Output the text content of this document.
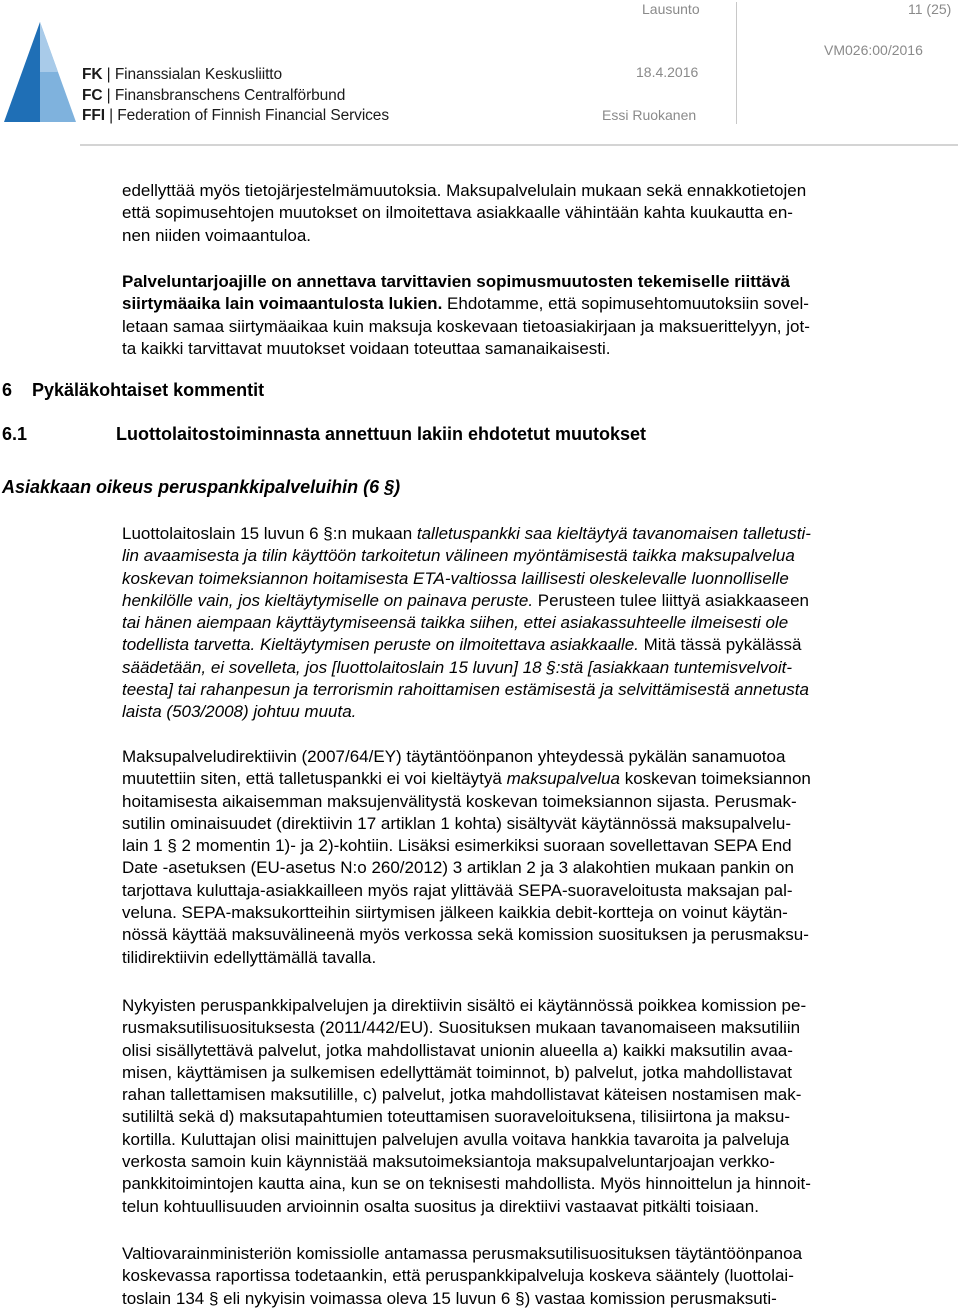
FK | Finanssialan Keskusliitto
FC | Finansbranschens Centralförbund
FFI | Federation of Finnish Financial Services
Lausunto	11 (25)
VM026:00/2016
18.4.2016
Essi Ruokanen
edellyttää myös tietojärjestelmämuutoksia. Maksupalvelulain mukaan sekä ennakkotietojen
että sopimusehtojen muutokset on ilmoitettava asiakkaalle vähintään kahta kuukautta en-
nen niiden voimaantuloa.
Palveluntarjoajille on annettava tarvittavien sopimusmuutosten tekemiselle riittävä
siirtymäaika lain voimaantulosta lukien. Ehdotamme, että sopimusehtomuutoksiin sovel-
letaan samaa siirtymäaikaa kuin maksuja koskevaan tietoasiakirjaan ja maksuerittelyyn, jot-
ta kaikki tarvittavat muutokset voidaan toteuttaa samanaikaisesti.
6 Pykäläkohtaiset kommentit
6.1	Luottolaitostoiminnasta annettuun lakiin ehdotetut muutokset
Asiakkaan oikeus peruspankkipalveluihin (6 §)
Luottolaitoslain 15 luvun 6 §:n mukaan talletuspankki saa kieltäytyä tavanomaisen talletusti-
lin avaamisesta ja tilin käyttöön tarkoitetun välineen myöntämisestä taikka maksupalvelua
koskevan toimeksiannon hoitamisesta ETA-valtiossa laillisesti oleskelevalle luonnolliselle
henkilölle vain, jos kieltäytymiselle on painava peruste. Perusteen tulee liittyä asiakkaaseen
tai hänen aiempaan käyttäytymiseensä taikka siihen, ettei asiakassuhteelle ilmeisesti ole
todellista tarvetta. Kieltäytymisen peruste on ilmoitettava asiakkaalle. Mitä tässä pykälässä
säädetään, ei sovelleta, jos [luottolaitoslain 15 luvun] 18 §:stä [asiakkaan tuntemisvelvoit-
teesta] tai rahanpesun ja terrorismin rahoittamisen estämisestä ja selvittämisestä annetusta
laista (503/2008) johtuu muuta.
Maksupalveludirektiivin (2007/64/EY) täytäntöönpanon yhteydessä pykälän sanamuotoa
muutettiin siten, että talletuspankki ei voi kieltäytyä maksupalvelua koskevan toimeksiannon
hoitamisesta aikaisemman maksujenvälitystä koskevan toimeksiannon sijasta. Perusmak-
sutilin ominaisuudet (direktiivin 17 artiklan 1 kohta) sisältyvät käytännössä maksupalvelu-
lain 1 § 2 momentin 1)- ja 2)-kohtiin. Lisäksi esimerkiksi suoraan sovellettavan SEPA End
Date -asetuksen (EU-asetus N:o 260/2012) 3 artiklan 2 ja 3 alakohtien mukaan pankin on
tarjottava kuluttaja-asiakkailleen myös rajat ylittävää SEPA-suoraveloitusta maksajan pal-
veluna. SEPA-maksukortteihin siirtymisen jälkeen kaikkia debit-kortteja on voinut käytän-
nössä käyttää maksuvälineenä myös verkossa sekä komission suosituksen ja perusmaksu-
tilidirektiivin edellyttämällä tavalla.
Nykyisten peruspankkipalvelujen ja direktiivin sisältö ei käytännössä poikkea komission pe-
rusmaksutilisuosituksesta (2011/442/EU). Suosituksen mukaan tavanomaiseen maksutiliin
olisi sisällytettävä palvelut, jotka mahdollistavat unionin alueella a) kaikki maksutilin avaa-
misen, käyttämisen ja sulkemisen edellyttämät toiminnot, b) palvelut, jotka mahdollistavat
rahan tallettamisen maksutilille, c) palvelut, jotka mahdollistavat käteisen nostamisen mak-
sutililtä sekä d) maksutapahtumien toteuttamisen suoraveloituksena, tilisiirtona ja maksu-
kortilla. Kuluttajan olisi mainittujen palvelujen avulla voitava hankkia tavaroita ja palveluja
verkosta samoin kuin käynnistää maksutoimeksiantoja maksupalveluntarjoajan verkko-
pankkitoimintojen kautta aina, kun se on teknisesti mahdollista. Myös hinnoittelun ja hinnoit-
telun kohtuullisuuden arvioinnin osalta suositus ja direktiivi vastaavat pitkälti toisiaan.
Valtiovarainministeriön komissiolle antamassa perusmaksutilisuosituksen täytäntöönpanoa
koskevassa raportissa todetaankin, että peruspankkipalveluja koskeva sääntely (luottolai-
toslain 134 § eli nykyisin voimassa oleva 15 luvun 6 §) vastaa komission perusmaksuti-
